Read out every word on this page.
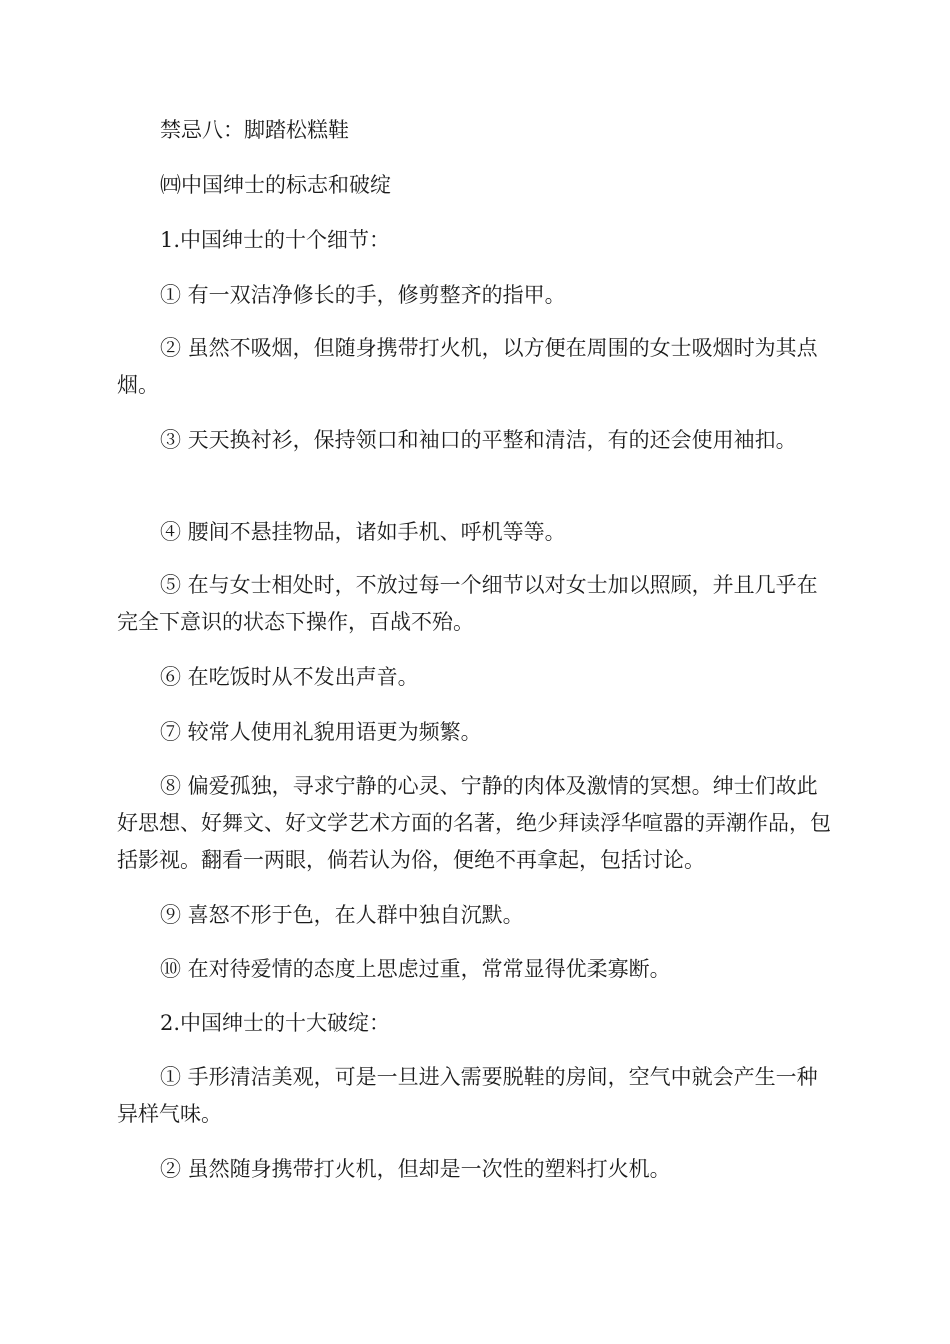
禁忌八：脚踏松糕鞋

㈣中国绅士的标志和破绽

1.中国绅士的十个细节：

① 有一双洁净修长的手，修剪整齐的指甲。

② 虽然不吸烟，但随身携带打火机，以方便在周围的女士吸烟时为其点烟。

③ 天天换衬衫，保持领口和袖口的平整和清洁，有的还会使用袖扣。

④ 腰间不悬挂物品，诸如手机、呼机等等。

⑤ 在与女士相处时，不放过每一个细节以对女士加以照顾，并且几乎在完全下意识的状态下操作，百战不殆。

⑥ 在吃饭时从不发出声音。

⑦ 较常人使用礼貌用语更为频繁。

⑧ 偏爱孤独，寻求宁静的心灵、宁静的肉体及激情的冥想。绅士们故此好思想、好舞文、好文学艺术方面的名著，绝少拜读浮华喧嚣的弄潮作品，包括影视。翻看一两眼，倘若认为俗，便绝不再拿起，包括讨论。

⑨ 喜怒不形于色，在人群中独自沉默。

⑩ 在对待爱情的态度上思虑过重，常常显得优柔寡断。

2.中国绅士的十大破绽：

① 手形清洁美观，可是一旦进入需要脱鞋的房间，空气中就会产生一种异样气味。

② 虽然随身携带打火机，但却是一次性的塑料打火机。
